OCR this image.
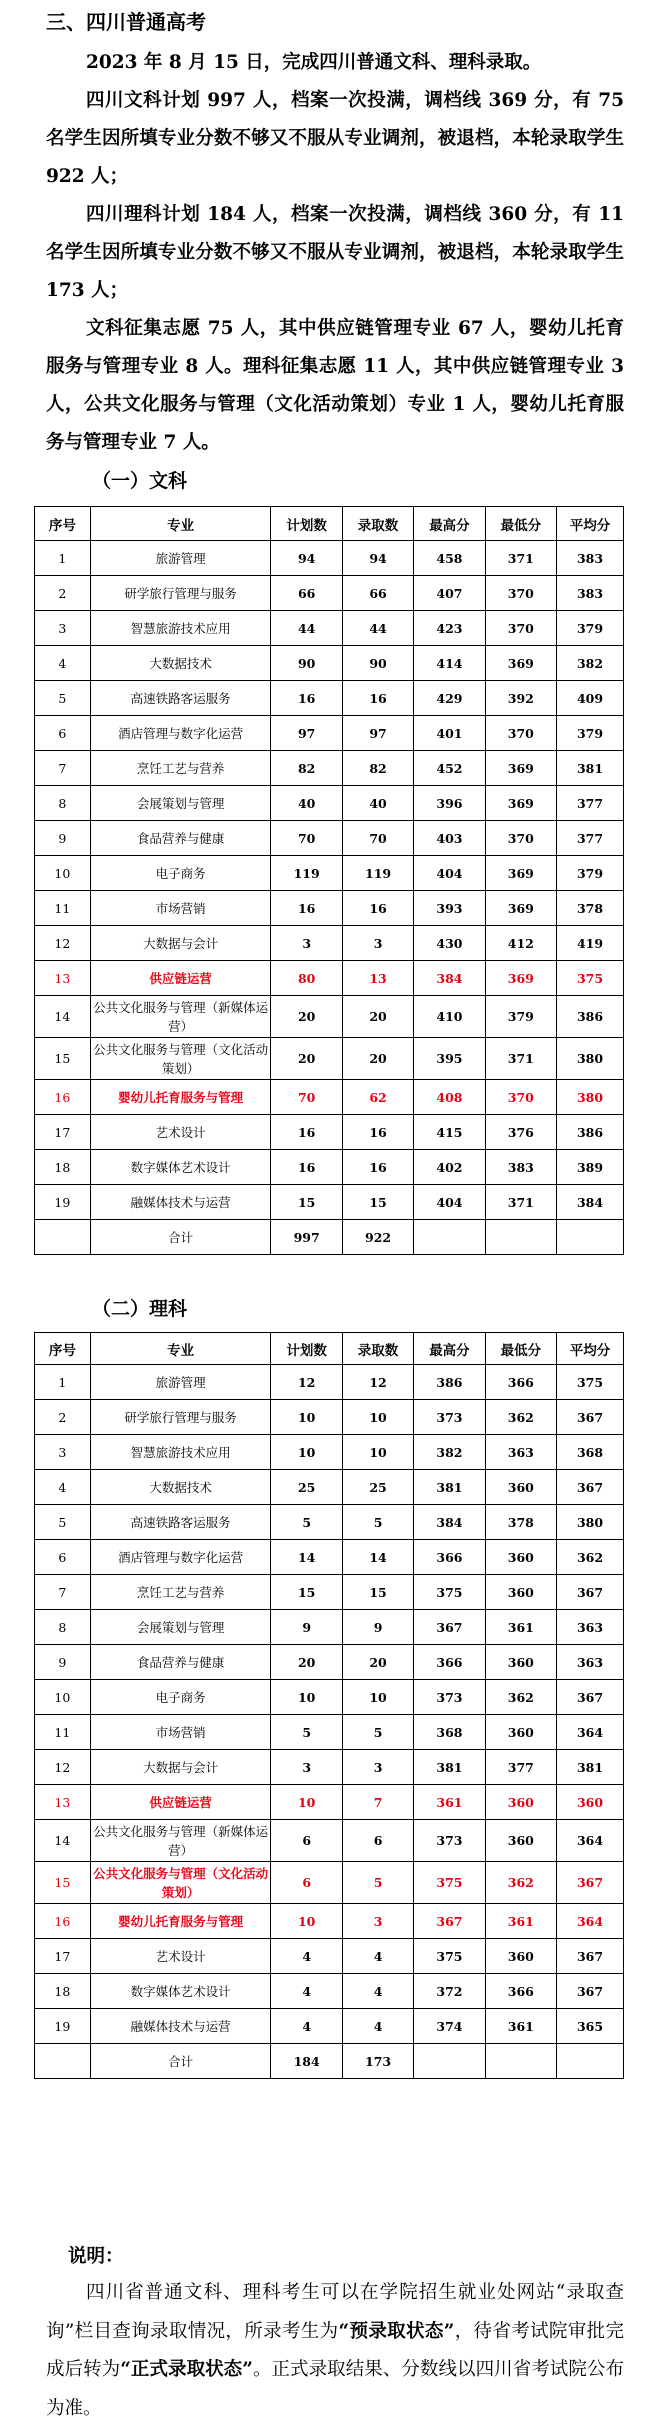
三、四川普通高考

2023 年 8 月 15 日，完成四川普通文科、理科录取。

四川文科计划 997 人，档案一次投满，调档线 369 分，有 75 名学生因所填专业分数不够又不服从专业调剂，被退档，本轮录取学生 922 人；

四川理科计划 184 人，档案一次投满，调档线 360 分，有 11 名学生因所填专业分数不够又不服从专业调剂，被退档，本轮录取学生 173 人；

文科征集志愿 75 人，其中供应链管理专业 67 人，婴幼儿托育服务与管理专业 8 人。理科征集志愿 11 人，其中供应链管理专业 3 人，公共文化服务与管理（文化活动策划）专业 1 人，婴幼儿托育服务与管理专业 7 人。

（一）文科
序号	专业	计划数	录取数	最高分	最低分	平均分
1	旅游管理	94	94	458	371	383
2	研学旅行管理与服务	66	66	407	370	383
3	智慧旅游技术应用	44	44	423	370	379
4	大数据技术	90	90	414	369	382
5	高速铁路客运服务	16	16	429	392	409
6	酒店管理与数字化运营	97	97	401	370	379
7	烹饪工艺与营养	82	82	452	369	381
8	会展策划与管理	40	40	396	369	377
9	食品营养与健康	70	70	403	370	377
10	电子商务	119	119	404	369	379
11	市场营销	16	16	393	369	378
12	大数据与会计	3	3	430	412	419
13	供应链运营	80	13	384	369	375
14	公共文化服务与管理（新媒体运营）	20	20	410	379	386
15	公共文化服务与管理（文化活动策划）	20	20	395	371	380
16	婴幼儿托育服务与管理	70	62	408	370	380
17	艺术设计	16	16	415	376	386
18	数字媒体艺术设计	16	16	402	383	389
19	融媒体技术与运营	15	15	404	371	384
	合计	997	922			
（二）理科
序号	专业	计划数	录取数	最高分	最低分	平均分
1	旅游管理	12	12	386	366	375
2	研学旅行管理与服务	10	10	373	362	367
3	智慧旅游技术应用	10	10	382	363	368
4	大数据技术	25	25	381	360	367
5	高速铁路客运服务	5	5	384	378	380
6	酒店管理与数字化运营	14	14	366	360	362
7	烹饪工艺与营养	15	15	375	360	367
8	会展策划与管理	9	9	367	361	363
9	食品营养与健康	20	20	366	360	363
10	电子商务	10	10	373	362	367
11	市场营销	5	5	368	360	364
12	大数据与会计	3	3	381	377	381
13	供应链运营	10	7	361	360	360
14	公共文化服务与管理（新媒体运营）	6	6	373	360	364
15	公共文化服务与管理（文化活动策划）	6	5	375	362	367
16	婴幼儿托育服务与管理	10	3	367	361	364
17	艺术设计	4	4	375	360	367
18	数字媒体艺术设计	4	4	372	366	367
19	融媒体技术与运营	4	4	374	361	365
	合计	184	173			

说明：

四川省普通文科、理科考生可以在学院招生就业处网站“录取查询”栏目查询录取情况，所录考生为“预录取状态”，待省考试院审批完成后转为“正式录取状态”。正式录取结果、分数线以四川省考试院公布为准。
